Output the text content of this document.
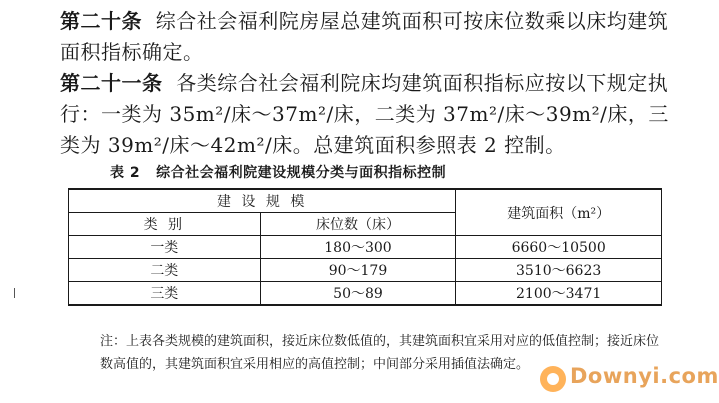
第二十条 综合社会福利院房屋总建筑面积可按床位数乘以床均建筑面积指标确定。
第二十一条 各类综合社会福利院床均建筑面积指标应按以下规定执行：一类为 35m²/床～37m²/床，二类为 37m²/床～39m²/床，三类为 39m²/床～42m²/床。总建筑面积参照表 2 控制。
表 2 综合社会福利院建设规模分类与面积指标控制
建 设 规 模		建筑面积（m²）
类 别	床位数（床）	
一类	180～300	6660～10500
二类	90～179	3510～6623
三类	50～89	2100～3471
注：上表各类规模的建筑面积，接近床位数低值的，其建筑面积宜采用对应的低值控制；接近床位数高值的，其建筑面积宜采用相应的高值控制；中间部分采用插值法确定。	Downyi.com
